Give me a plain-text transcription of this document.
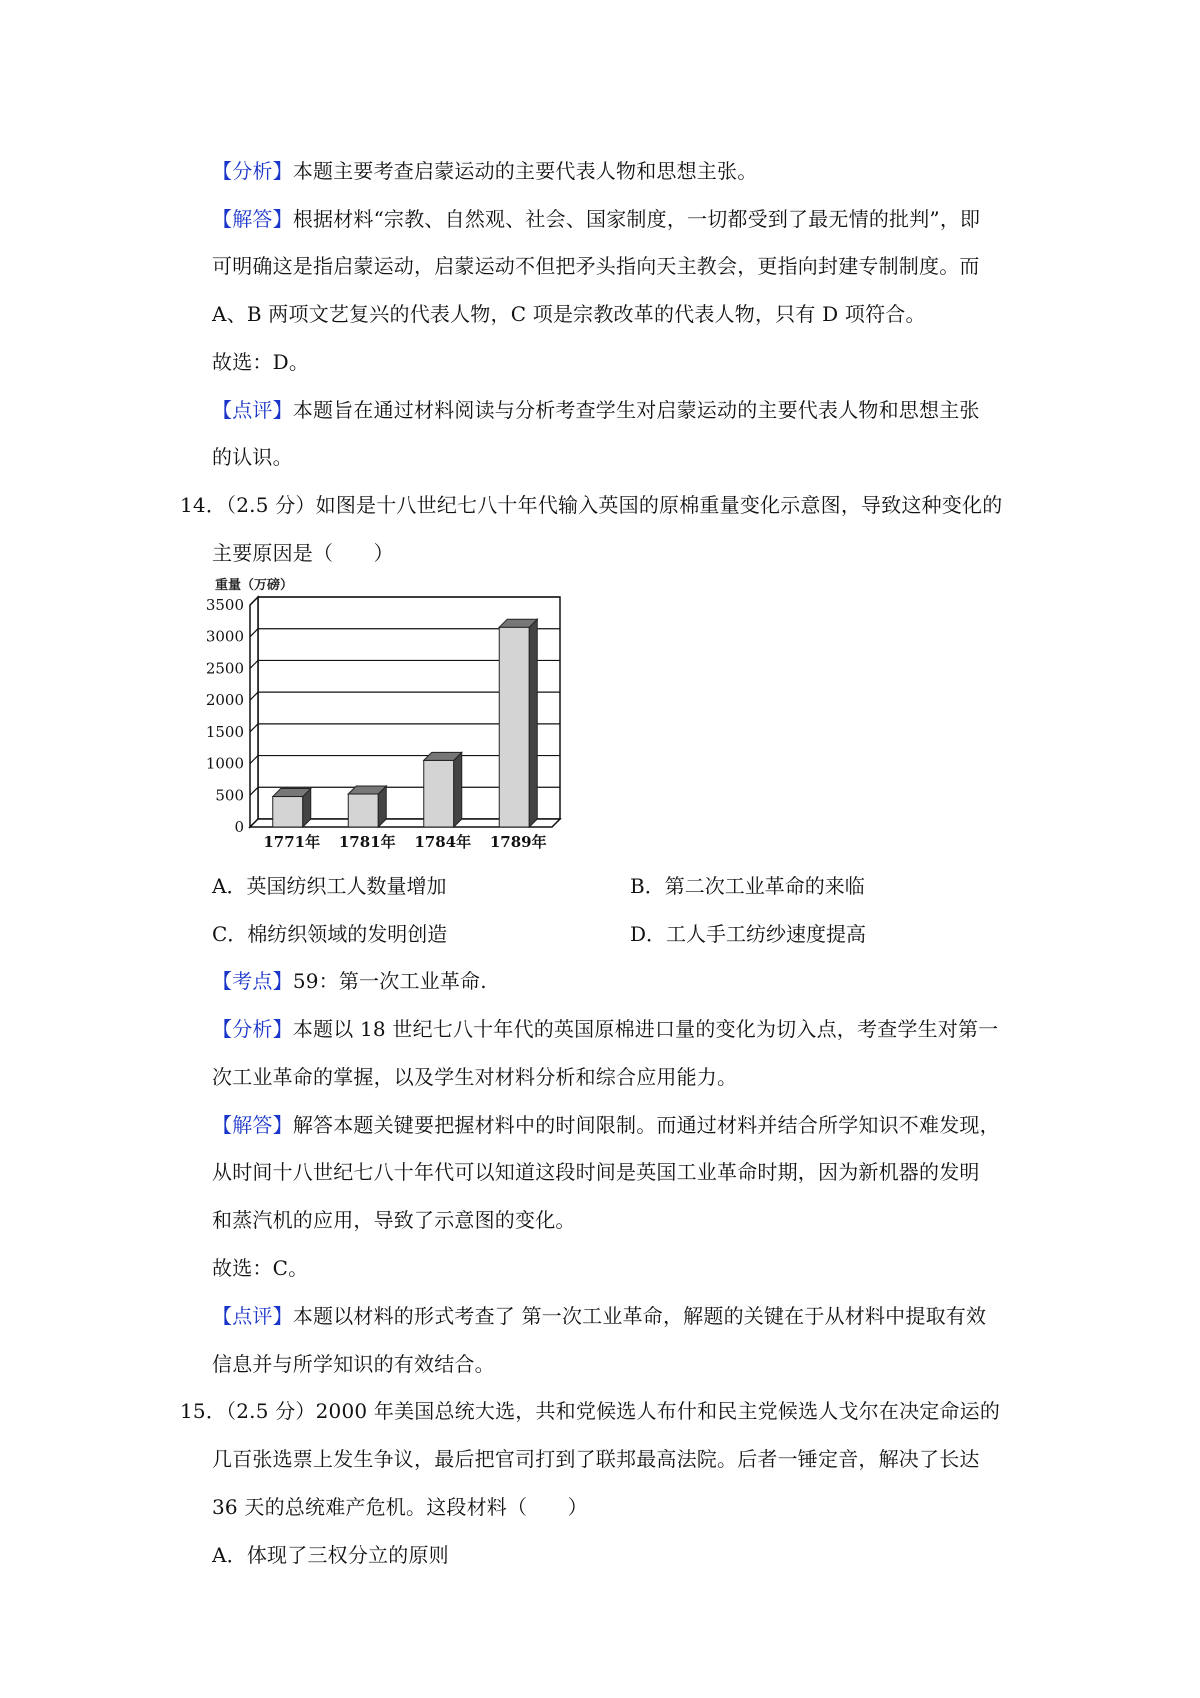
【分析】本题主要考查启蒙运动的主要代表人物和思想主张。
【解答】根据材料“宗教、自然观、社会、国家制度，一切都受到了最无情的批判”，即
可明确这是指启蒙运动，启蒙运动不但把矛头指向天主教会，更指向封建专制制度。而
A、B 两项文艺复兴的代表人物，C 项是宗教改革的代表人物，只有 D 项符合。
故选：D。
【点评】本题旨在通过材料阅读与分析考查学生对启蒙运动的主要代表人物和思想主张
的认识。
14．（2.5 分）如图是十八世纪七八十年代输入英国的原棉重量变化示意图，导致这种变化的
主要原因是（　　）
0
500
1000
1500
2000
2500
3000
3500
1771年 1781年 1784年 1789年
重量（万磅）
A．英国纺织工人数量增加	B．第二次工业革命的来临
C．棉纺织领域的发明创造	D．工人手工纺纱速度提高
【考点】59：第一次工业革命.
【分析】本题以 18 世纪七八十年代的英国原棉进口量的变化为切入点，考查学生对第一
次工业革命的掌握，以及学生对材料分析和综合应用能力。
【解答】解答本题关键要把握材料中的时间限制。而通过材料并结合所学知识不难发现，
从时间十八世纪七八十年代可以知道这段时间是英国工业革命时期，因为新机器的发明
和蒸汽机的应用，导致了示意图的变化。
故选：C。
【点评】本题以材料的形式考查了 第一次工业革命，解题的关键在于从材料中提取有效
信息并与所学知识的有效结合。
15．（2.5 分）2000 年美国总统大选，共和党候选人布什和民主党候选人戈尔在决定命运的
几百张选票上发生争议，最后把官司打到了联邦最高法院。后者一锤定音，解决了长达
36 天的总统难产危机。这段材料（　　）
A．体现了三权分立的原则
